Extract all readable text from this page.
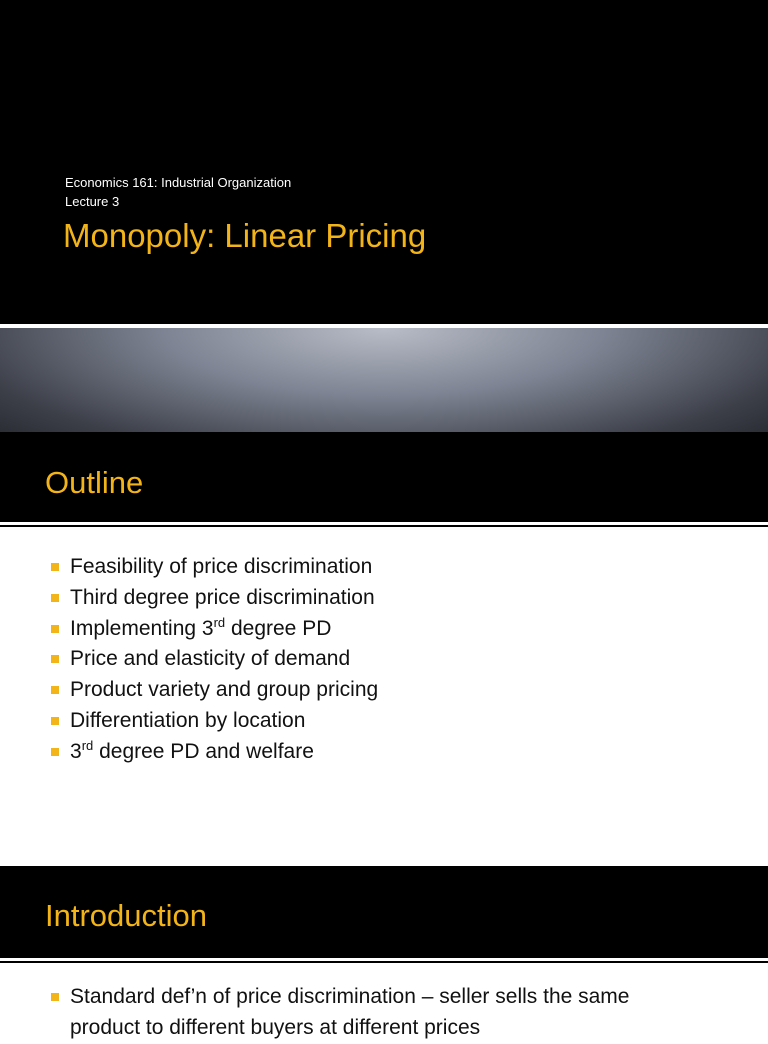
Economics 161: Industrial Organization
Lecture 3
Monopoly: Linear Pricing
Outline
Feasibility of price discrimination
Third degree price discrimination
Implementing 3rd degree PD
Price and elasticity of demand
Product variety and group pricing
Differentiation by location
3rd degree PD and welfare
Introduction
Standard def’n of price discrimination – seller sells the same
product to different buyers at different prices
